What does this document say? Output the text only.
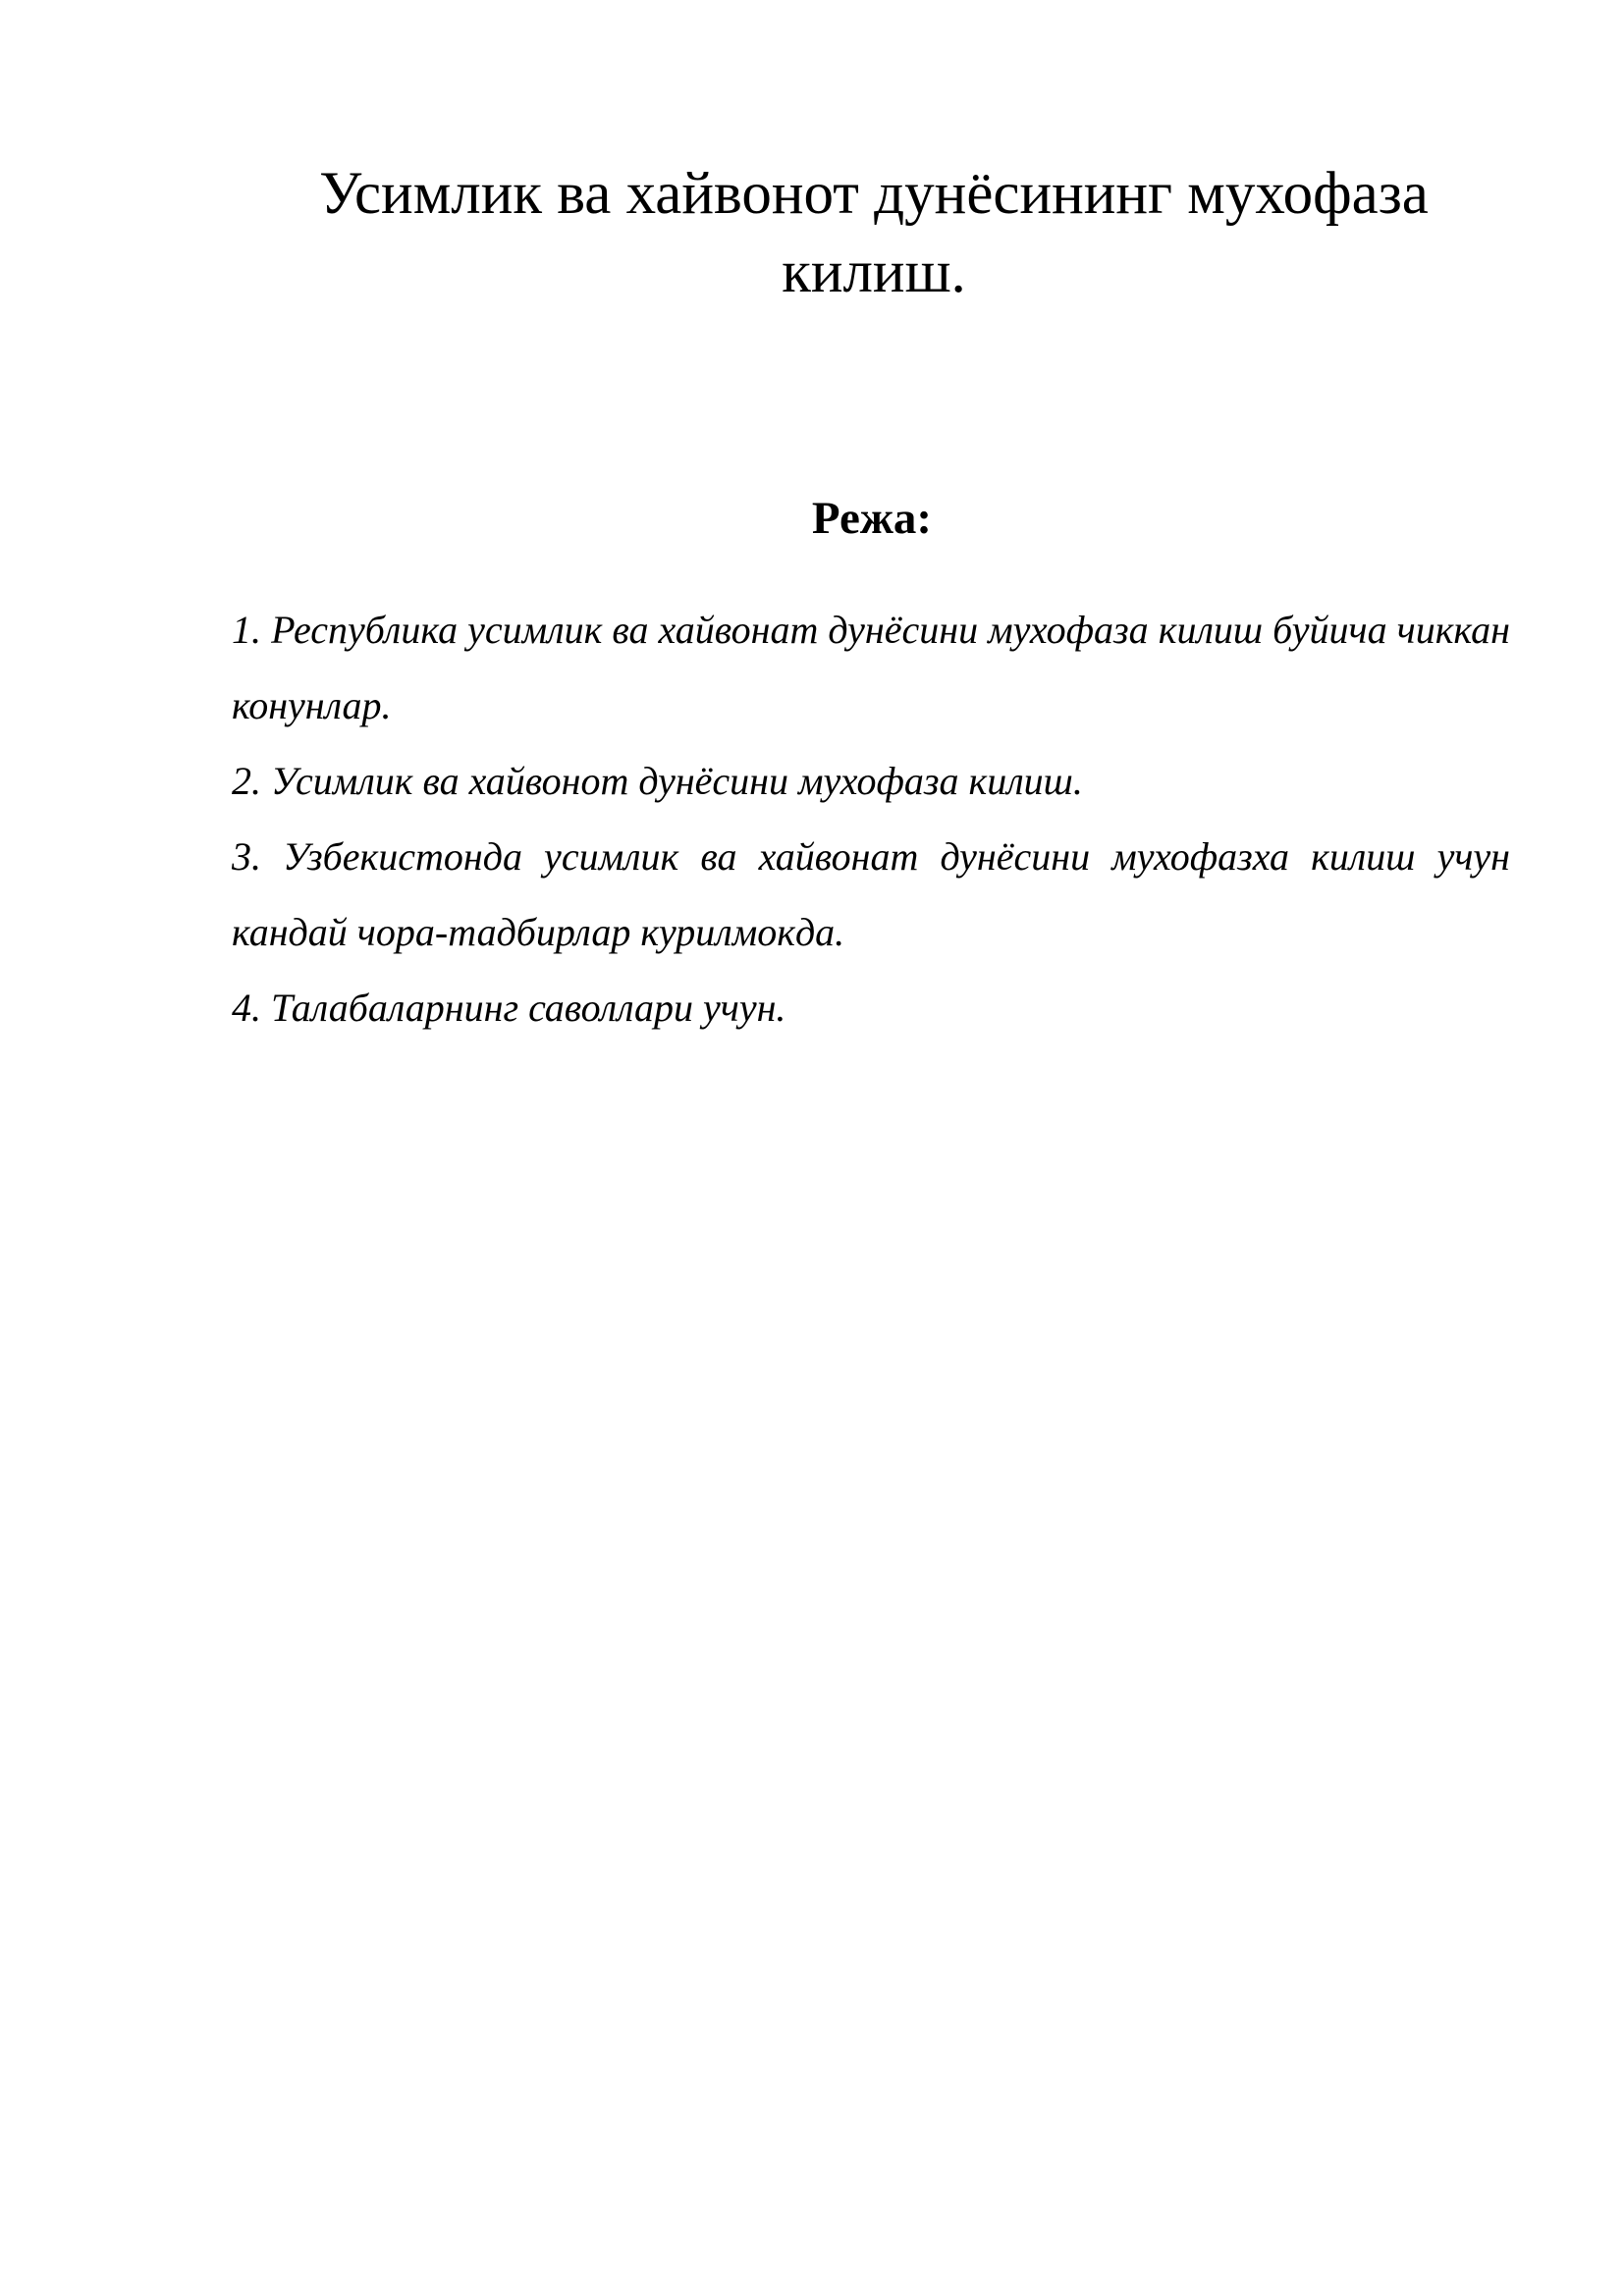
Усимлик ва хайвонот дунёсининг мухофаза килиш.
Режа:
1. Республика усимлик ва хайвонат дунёсини мухофаза килиш буйича чиккан конунлар.
2. Усимлик ва хайвонот дунёсини мухофаза килиш.
3. Узбекистонда усимлик ва хайвонат дунёсини мухофазха килиш учун кандай чора-тадбирлар курилмокда.
4. Талабаларнинг саволлари учун.
